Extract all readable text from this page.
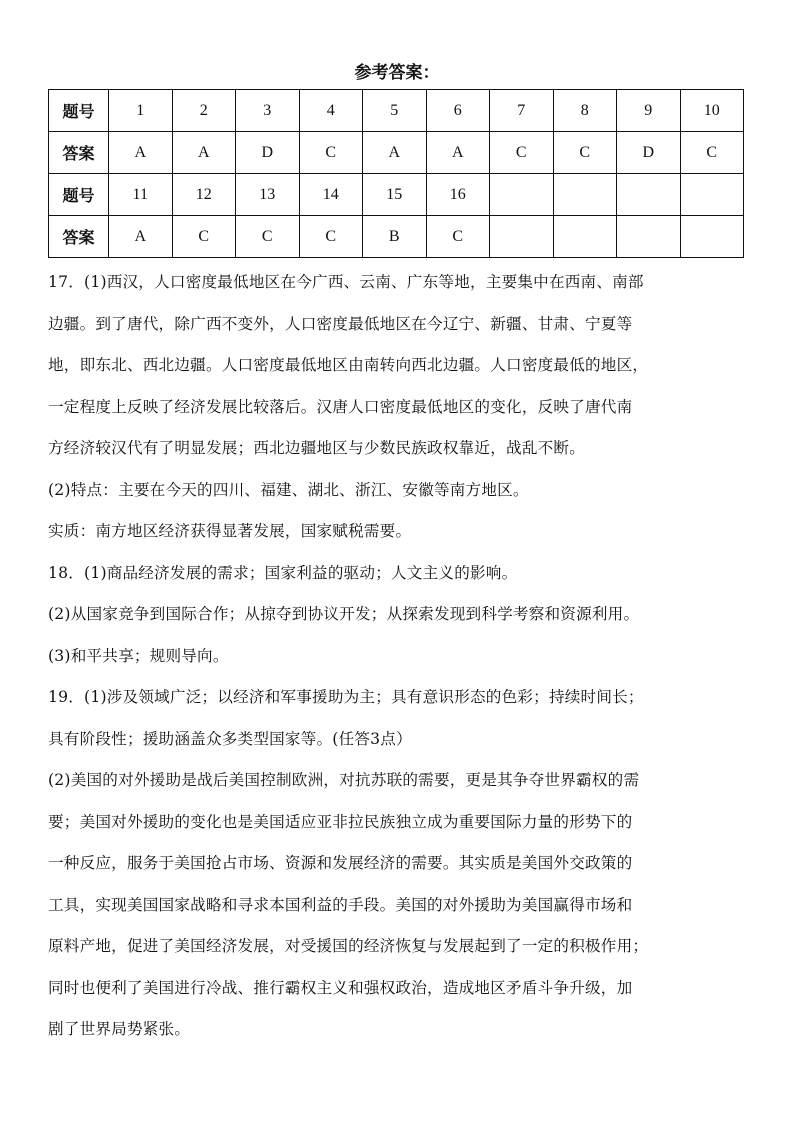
参考答案：
题号	1	2	3	4	5	6	7	8	9	10
答案	A	A	D	C	A	A	C	C	D	C
题号	11	12	13	14	15	16				
答案	A	C	C	C	B	C				

17．(1)西汉，人口密度最低地区在今广西、云南、广东等地，主要集中在西南、南部

边疆。到了唐代，除广西不变外，人口密度最低地区在今辽宁、新疆、甘肃、宁夏等

地，即东北、西北边疆。人口密度最低地区由南转向西北边疆。人口密度最低的地区，

一定程度上反映了经济发展比较落后。汉唐人口密度最低地区的变化，反映了唐代南

方经济较汉代有了明显发展；西北边疆地区与少数民族政权靠近，战乱不断。

(2)特点：主要在今天的四川、福建、湖北、浙江、安徽等南方地区。

实质：南方地区经济获得显著发展，国家赋税需要。

18．(1)商品经济发展的需求；国家利益的驱动；人文主义的影响。

(2)从国家竞争到国际合作；从掠夺到协议开发；从探索发现到科学考察和资源利用。

(3)和平共享；规则导向。

19．(1)涉及领域广泛；以经济和军事援助为主；具有意识形态的色彩；持续时间长；

具有阶段性；援助涵盖众多类型国家等。(任答3点）

(2)美国的对外援助是战后美国控制欧洲，对抗苏联的需要，更是其争夺世界霸权的需

要；美国对外援助的变化也是美国适应亚非拉民族独立成为重要国际力量的形势下的

一种反应，服务于美国抢占市场、资源和发展经济的需要。其实质是美国外交政策的

工具，实现美国国家战略和寻求本国利益的手段。美国的对外援助为美国赢得市场和

原料产地，促进了美国经济发展，对受援国的经济恢复与发展起到了一定的积极作用；

同时也便利了美国进行冷战、推行霸权主义和强权政治，造成地区矛盾斗争升级，加

剧了世界局势紧张。
